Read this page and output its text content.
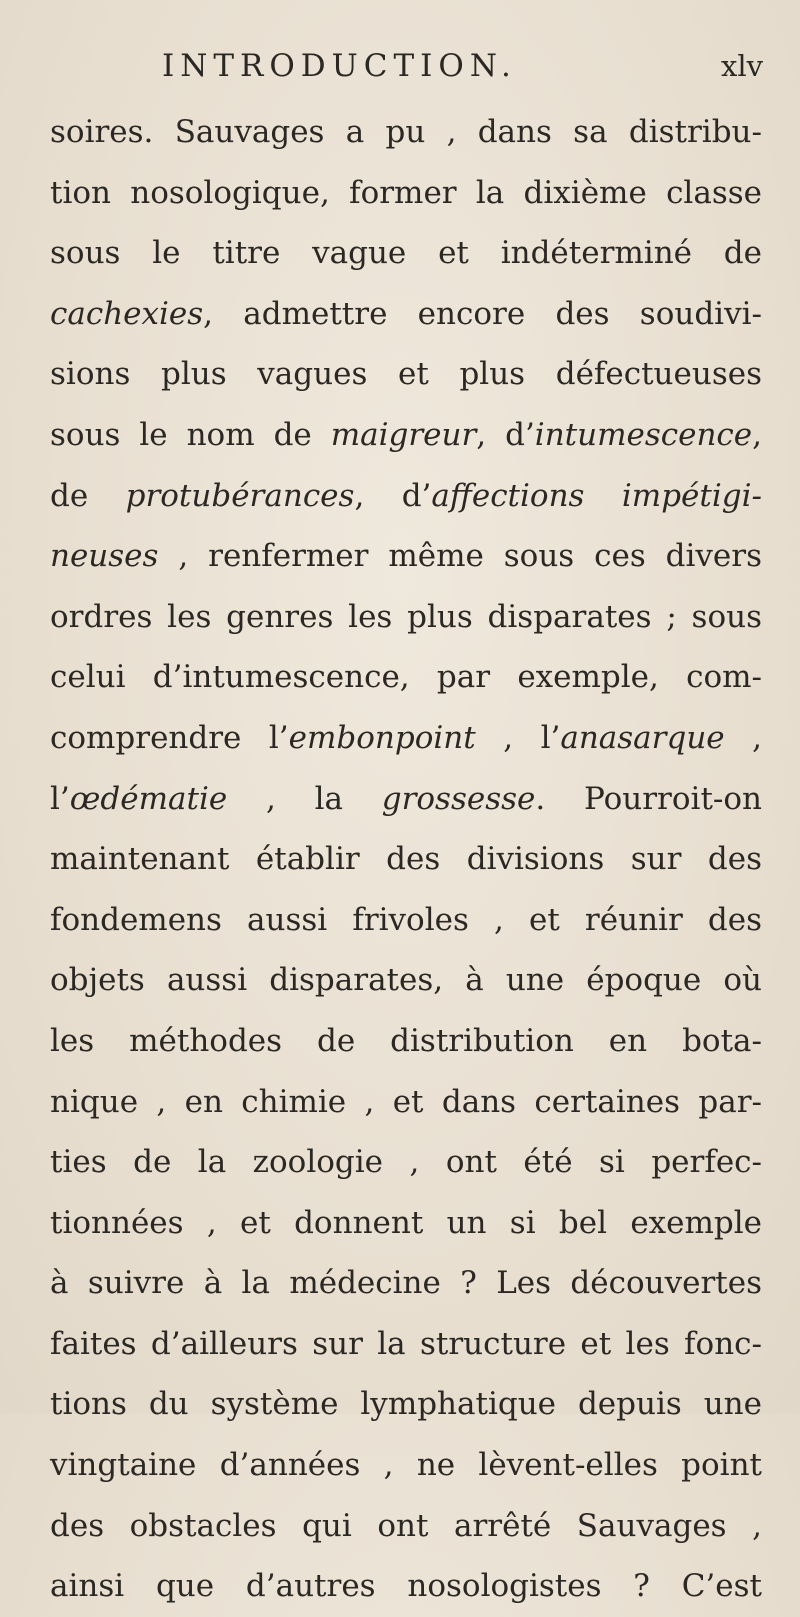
INTRODUCTION.	xlv
soires. Sauvages a pu , dans sa distribu-
tion nosologique, former la dixième classe
sous le titre vague et indéterminé de
cachexies, admettre encore des soudivi-
sions plus vagues et plus défectueuses
sous le nom de maigreur, d’intumescence,
de protubérances, d’affections impétigi-
neuses , renfermer même sous ces divers
ordres les genres les plus disparates ; sous
celui d’intumescence, par exemple, com-
comprendre l’embonpoint , l’anasarque ,
l’œdématie , la grossesse. Pourroit-on
maintenant établir des divisions sur des
fondemens aussi frivoles , et réunir des
objets aussi disparates, à une époque où
les méthodes de distribution en bota-
nique , en chimie , et dans certaines par-
ties de la zoologie , ont été si perfec-
tionnées , et donnent un si bel exemple
à suivre à la médecine ? Les découvertes
faites d’ailleurs sur la structure et les fonc-
tions du système lymphatique depuis une
vingtaine d’années , ne lèvent-elles point
des obstacles qui ont arrêté Sauvages ,
ainsi que d’autres nosologistes ? C’est
